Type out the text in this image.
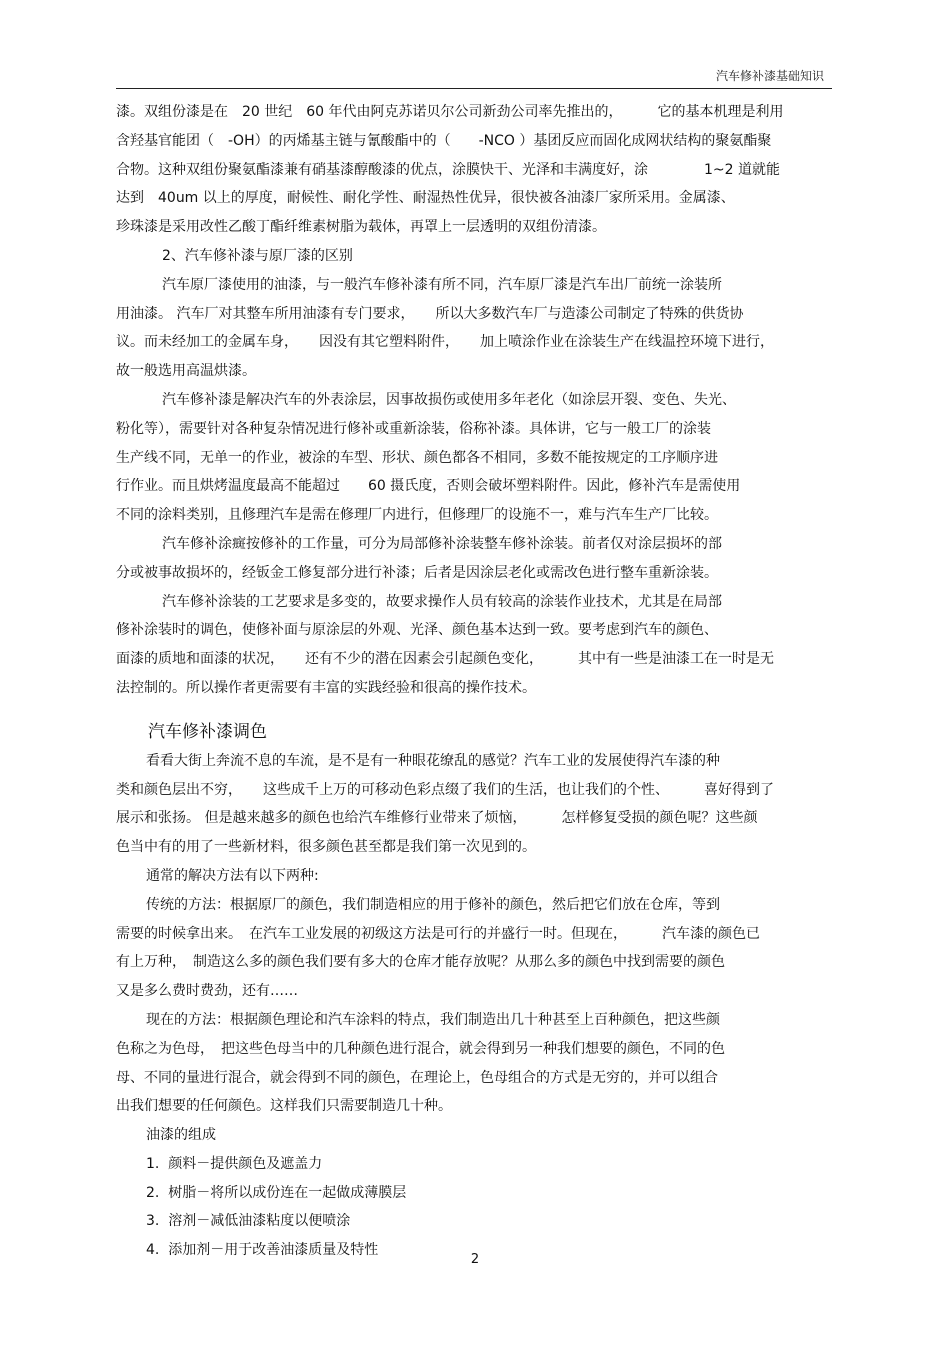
汽车修补漆基础知识
漆。双组份漆是在　20 世纪　60 年代由阿克苏诺贝尔公司新劲公司率先推出的，　　　它的基本机理是利用
含羟基官能团（　-OH）的丙烯基主链与氰酸酯中的（　　-NCO ）基团反应而固化成网状结构的聚氨酯聚
合物。这种双组份聚氨酯漆兼有硝基漆醇酸漆的优点，涂膜快干、光泽和丰满度好，涂　　　　1~2 道就能
达到　40um 以上的厚度，耐候性、耐化学性、耐湿热性优异，很快被各油漆厂家所采用。金属漆、
珍珠漆是采用改性乙酸丁酯纤维素树脂为载体，再罩上一层透明的双组份清漆。
2、汽车修补漆与原厂漆的区别
汽车原厂漆使用的油漆，与一般汽车修补漆有所不同，汽车原厂漆是汽车出厂前统一涂装所
用油漆。 汽车厂对其整车所用油漆有专门要求，　　所以大多数汽车厂与造漆公司制定了特殊的供货协
议。而未经加工的金属车身，　　因没有其它塑料附件，　　加上喷涂作业在涂装生产在线温控环境下进行，
故一般选用高温烘漆。
汽车修补漆是解决汽车的外表涂层，因事故损伤或使用多年老化（如涂层开裂、变色、失光、
粉化等），需要针对各种复杂情况进行修补或重新涂装，俗称补漆。具体讲，它与一般工厂的涂装
生产线不同，无单一的作业，被涂的车型、形状、颜色都各不相同，多数不能按规定的工序顺序进
行作业。而且烘烤温度最高不能超过　　60 摄氏度，否则会破坏塑料附件。因此，修补汽车是需使用
不同的涂料类别，且修理汽车是需在修理厂内进行，但修理厂的设施不一，难与汽车生产厂比较。
汽车修补涂癍按修补的工作量，可分为局部修补涂装整车修补涂装。前者仅对涂层损坏的部
分或被事故损坏的，经钣金工修复部分进行补漆；后者是因涂层老化或需改色进行整车重新涂装。
汽车修补涂装的工艺要求是多变的，故要求操作人员有较高的涂装作业技术，尤其是在局部
修补涂装时的调色，使修补面与原涂层的外观、光泽、颜色基本达到一致。要考虑到汽车的颜色、
面漆的质地和面漆的状况，　　还有不少的潜在因素会引起颜色变化，　　　其中有一些是油漆工在一时是无
法控制的。所以操作者更需要有丰富的实践经验和很高的操作技术。
汽车修补漆调色
看看大街上奔流不息的车流，是不是有一种眼花缭乱的感觉？汽车工业的发展使得汽车漆的种
类和颜色层出不穷，　　这些成千上万的可移动色彩点缀了我们的生活，也让我们的个性、　　　喜好得到了
展示和张扬。 但是越来越多的颜色也给汽车维修行业带来了烦恼，　　　怎样修复受损的颜色呢？这些颜
色当中有的用了一些新材料，很多颜色甚至都是我们第一次见到的。
通常的解决方法有以下两种:
传统的方法：根据原厂的颜色，我们制造相应的用于修补的颜色，然后把它们放在仓库，等到
需要的时候拿出来。　在汽车工业发展的初级这方法是可行的并盛行一时。但现在，　　　汽车漆的颜色已
有上万种，　制造这么多的颜色我们要有多大的仓库才能存放呢？从那么多的颜色中找到需要的颜色
又是多么费时费劲，还有……
现在的方法：根据颜色理论和汽车涂料的特点，我们制造出几十种甚至上百种颜色，把这些颜
色称之为色母，　把这些色母当中的几种颜色进行混合，就会得到另一种我们想要的颜色，不同的色
母、不同的量进行混合，就会得到不同的颜色，在理论上，色母组合的方式是无穷的，并可以组合
出我们想要的任何颜色。这样我们只需要制造几十种。
油漆的组成
1.  颜料－提供颜色及遮盖力
2.  树脂－将所以成份连在一起做成薄膜层
3.  溶剂－减低油漆粘度以便喷涂
4.  添加剂－用于改善油漆质量及特性
2
